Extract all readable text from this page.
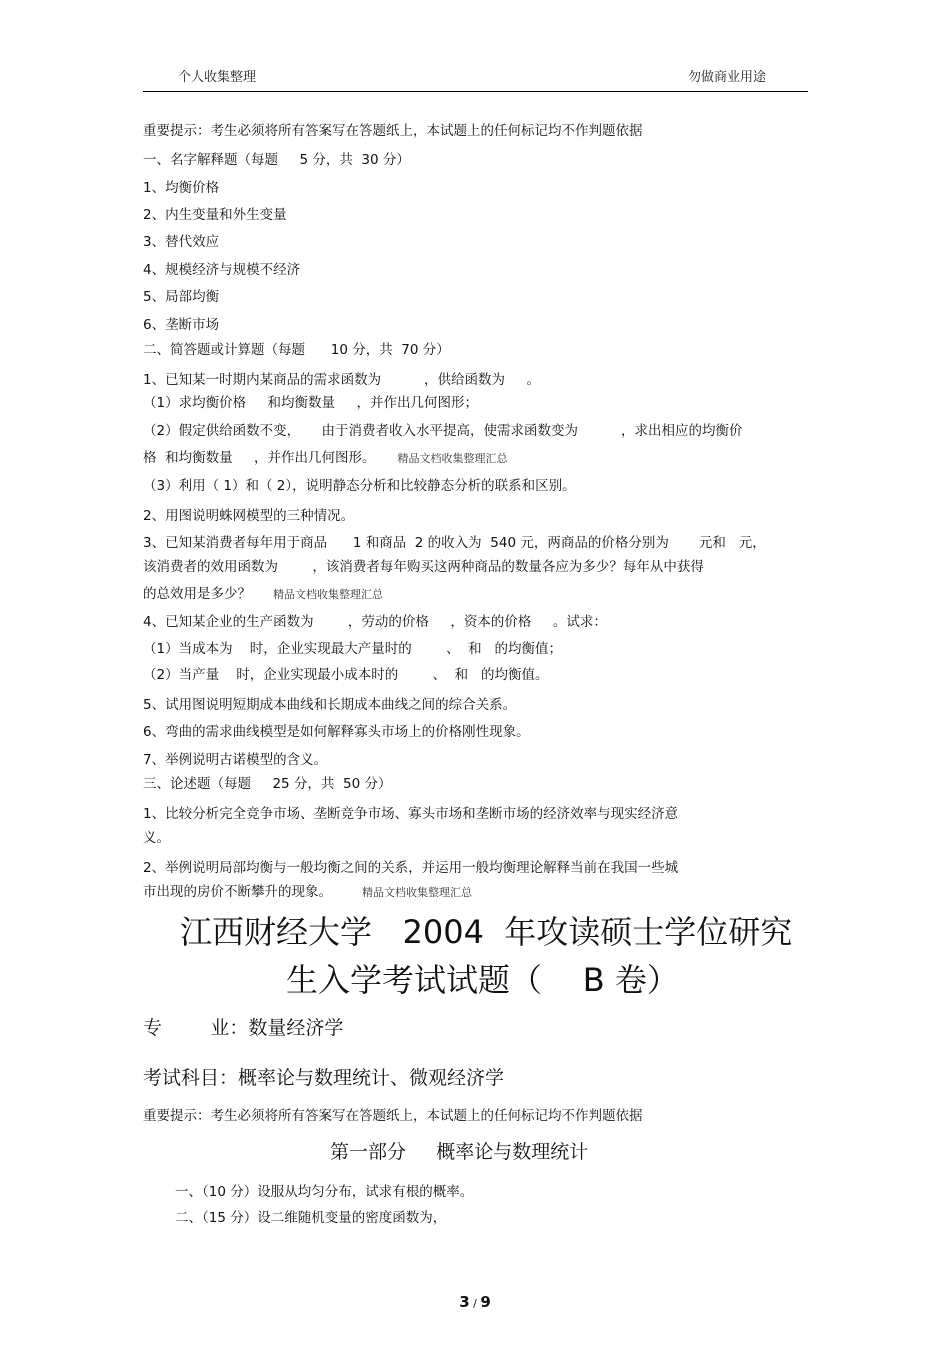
个人收集整理	勿做商业用途
重要提示：考生必须将所有答案写在答题纸上，本试题上的任何标记均不作判题依据
一、名字解释题（每题     5 分，共  30 分）
1、均衡价格
2、内生变量和外生变量
3、替代效应
4、规模经济与规模不经济
5、局部均衡
6、垄断市场
二、简答题或计算题（每题      10 分，共  70 分）
1、已知某一时期内某商品的需求函数为          ，供给函数为     。
（1）求均衡价格     和均衡数量     ，并作出几何图形；
（2）假定供给函数不变，     由于消费者收入水平提高，使需求函数变为          ，求出相应的均衡价
格  和均衡数量     ，并作出几何图形。 精品文档收集整理汇总
（3）利用（ 1）和（ 2），说明静态分析和比较静态分析的联系和区别。
2、用图说明蛛网模型的三种情况。
3、已知某消费者每年用于商品      1 和商品  2 的收入为  540 元，两商品的价格分别为       元和   元，
该消费者的效用函数为        ，该消费者每年购买这两种商品的数量各应为多少？每年从中获得
的总效用是多少？ 精品文档收集整理汇总
4、已知某企业的生产函数为        ，劳动的价格     ，资本的价格     。试求：
（1）当成本为    时，企业实现最大产量时的        、  和   的均衡值；
（2）当产量    时，企业实现最小成本时的        、  和   的均衡值。
5、试用图说明短期成本曲线和长期成本曲线之间的综合关系。
6、弯曲的需求曲线模型是如何解释寡头市场上的价格刚性现象。
7、举例说明古诺模型的含义。
三、论述题（每题     25 分，共  50 分）
1、比较分析完全竞争市场、垄断竞争市场、寡头市场和垄断市场的经济效率与现实经济意
义。
2、举例说明局部均衡与一般均衡之间的关系，并运用一般均衡理论解释当前在我国一些城
市出现的房价不断攀升的现象。	精品文档收集整理汇总
江西财经大学   2004  年攻读硕士学位研究
生入学考试试题（    B 卷）
专        业：数量经济学
考试科目：概率论与数理统计、微观经济学
重要提示：考生必须将所有答案写在答题纸上，本试题上的任何标记均不作判题依据
第一部分     概率论与数理统计
一、（10 分）设服从均匀分布，试求有根的概率。
二、（15 分）设二维随机变量的密度函数为，
3 / 9
